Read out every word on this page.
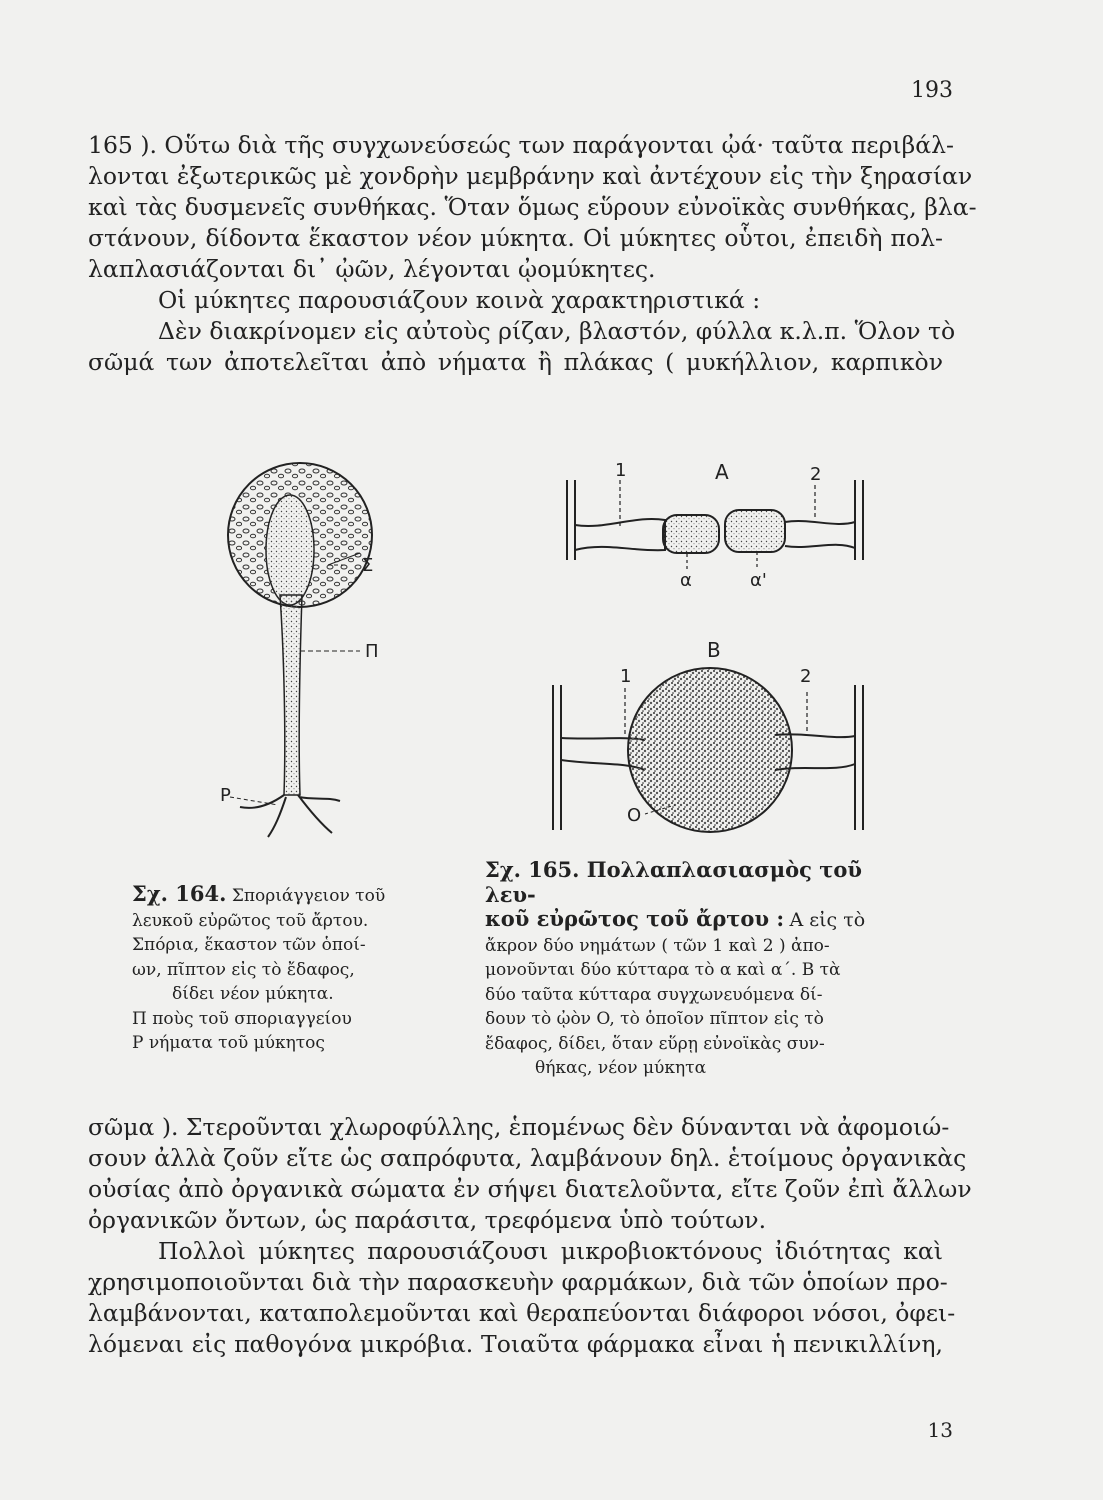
193
165 ). Οὕτω διὰ τῆς συγχωνεύσεώς των παράγονται ᾠά· ταῦτα περιβάλ-
λονται ἐξωτερικῶς μὲ χονδρὴν μεμβράνην καὶ ἀντέχουν εἰς τὴν ξηρασίαν
καὶ τὰς δυσμενεῖς συνθήκας. Ὅταν ὅμως εὕρουν εὐνοϊκὰς συνθήκας, βλα-
στάνουν, δίδοντα ἕκαστον νέον μύκητα. Οἱ μύκητες οὗτοι, ἐπειδὴ πολ-
λαπλασιάζονται δι᾽ ᾠῶν, λέγονται ᾠομύκητες.
Οἱ μύκητες παρουσιάζουν κοινὰ χαρακτηριστικά :
Δὲν διακρίνομεν εἰς αὐτοὺς ρίζαν, βλαστόν, φύλλα κ.λ.π. Ὅλον τὸ
σῶμά των ἀποτελεῖται ἀπὸ νήματα ἢ πλάκας ( μυκήλλιον, καρπικὸν
Σ
Π
Ρ
Σχ. 164. Σποριάγγειον τοῦ
λευκοῦ εὐρῶτος τοῦ ἄρτου.
Σπόρια, ἕκαστον τῶν ὁποί-
ων, πῖπτον εἰς τὸ ἔδαφος,
δίδει νέον μύκητα.
Π ποὺς τοῦ σποριαγγείου
Ρ νήματα τοῦ μύκητος
A
1	2
α	α'
B
1	2
O
Σχ. 165. Πολλαπλασιασμὸς τοῦ λευ-
κοῦ εὐρῶτος τοῦ ἄρτου : A εἰς τὸ
ἄκρον δύο νημάτων ( τῶν 1 καὶ 2 ) ἀπο-
μονοῦνται δύο κύτταρα τὸ α καὶ α΄. B τὰ
δύο ταῦτα κύτταρα συγχωνευόμενα δί-
δουν τὸ ᾠὸν O, τὸ ὁποῖον πῖπτον εἰς τὸ
ἔδαφος, δίδει, ὅταν εὕρῃ εὐνοϊκὰς συν-
θήκας, νέον μύκητα
σῶμα ). Στεροῦνται χλωροφύλλης, ἑπομένως δὲν δύνανται νὰ ἀφομοιώ-
σουν ἀλλὰ ζοῦν εἴτε ὡς σαπρόφυτα, λαμβάνουν δηλ. ἑτοίμους ὀργανικὰς
οὐσίας ἀπὸ ὀργανικὰ σώματα ἐν σήψει διατελοῦντα, εἴτε ζοῦν ἐπὶ ἄλλων
ὀργανικῶν ὄντων, ὡς παράσιτα, τρεφόμενα ὑπὸ τούτων.
Πολλοὶ μύκητες παρουσιάζουσι μικροβιοκτόνους ἰδιότητας καὶ
χρησιμοποιοῦνται διὰ τὴν παρασκευὴν φαρμάκων, διὰ τῶν ὁποίων προ-
λαμβάνονται, καταπολεμοῦνται καὶ θεραπεύονται διάφοροι νόσοι, ὀφει-
λόμεναι εἰς παθογόνα μικρόβια. Τοιαῦτα φάρμακα εἶναι ἡ πενικιλλίνη,
13
